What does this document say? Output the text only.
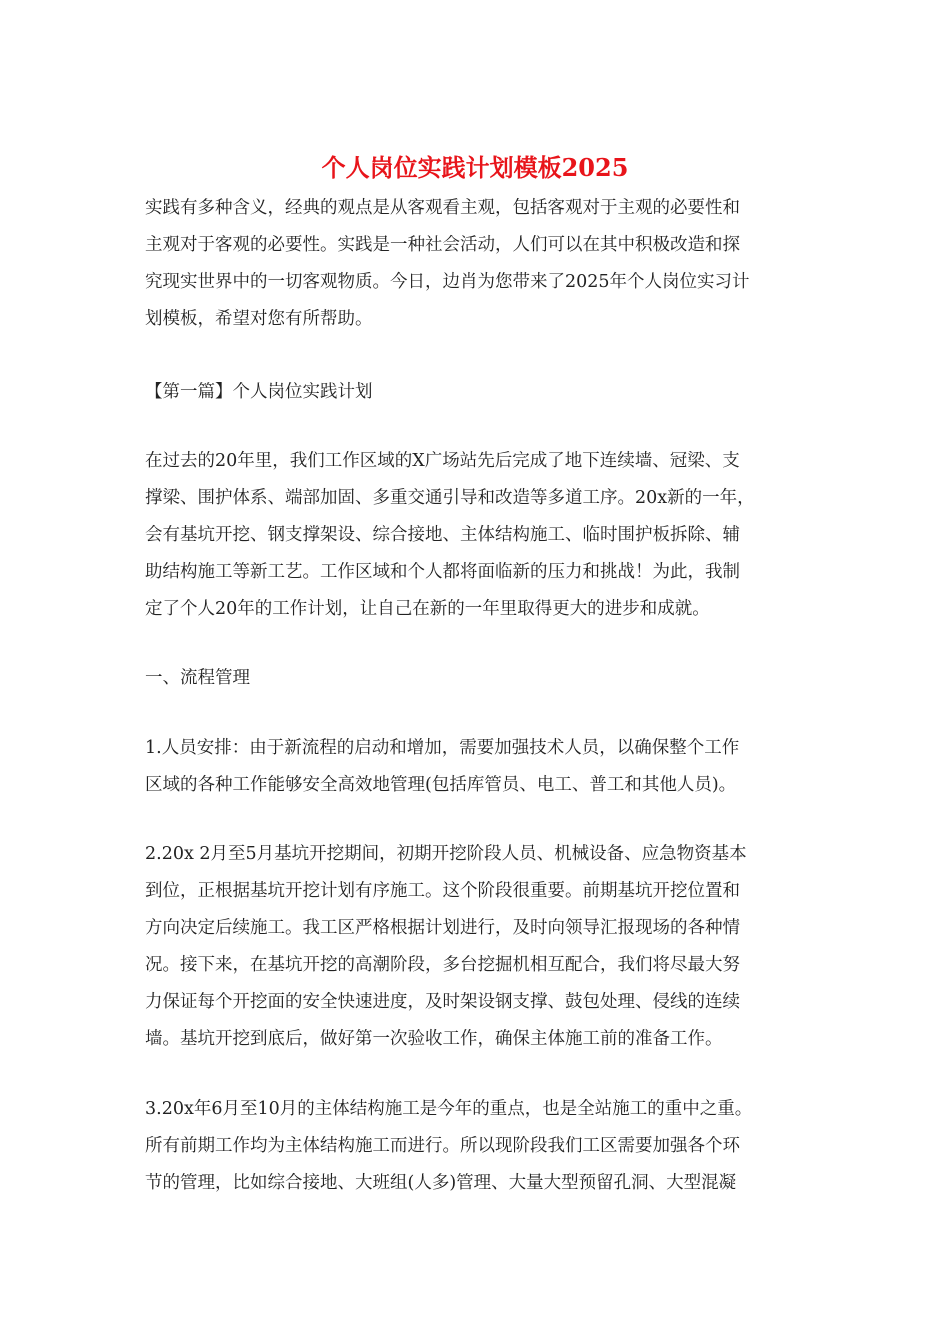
个人岗位实践计划模板2025
实践有多种含义，经典的观点是从客观看主观，包括客观对于主观的必要性和
主观对于客观的必要性。实践是一种社会活动，人们可以在其中积极改造和探
究现实世界中的一切客观物质。今日，边肖为您带来了2025年个人岗位实习计
划模板，希望对您有所帮助。
【第一篇】个人岗位实践计划
在过去的20年里，我们工作区域的X广场站先后完成了地下连续墙、冠梁、支
撑梁、围护体系、端部加固、多重交通引导和改造等多道工序。20x新的一年，
会有基坑开挖、钢支撑架设、综合接地、主体结构施工、临时围护板拆除、辅
助结构施工等新工艺。工作区域和个人都将面临新的压力和挑战！为此，我制
定了个人20年的工作计划，让自己在新的一年里取得更大的进步和成就。
一、流程管理
1.人员安排：由于新流程的启动和增加，需要加强技术人员，以确保整个工作
区域的各种工作能够安全高效地管理(包括库管员、电工、普工和其他人员)。
2.20x 2月至5月基坑开挖期间，初期开挖阶段人员、机械设备、应急物资基本
到位，正根据基坑开挖计划有序施工。这个阶段很重要。前期基坑开挖位置和
方向决定后续施工。我工区严格根据计划进行，及时向领导汇报现场的各种情
况。接下来，在基坑开挖的高潮阶段，多台挖掘机相互配合，我们将尽最大努
力保证每个开挖面的安全快速进度，及时架设钢支撑、鼓包处理、侵线的连续
墙。基坑开挖到底后，做好第一次验收工作，确保主体施工前的准备工作。
3.20x年6月至10月的主体结构施工是今年的重点，也是全站施工的重中之重。
所有前期工作均为主体结构施工而进行。所以现阶段我们工区需要加强各个环
节的管理，比如综合接地、大班组(人多)管理、大量大型预留孔洞、大型混凝
